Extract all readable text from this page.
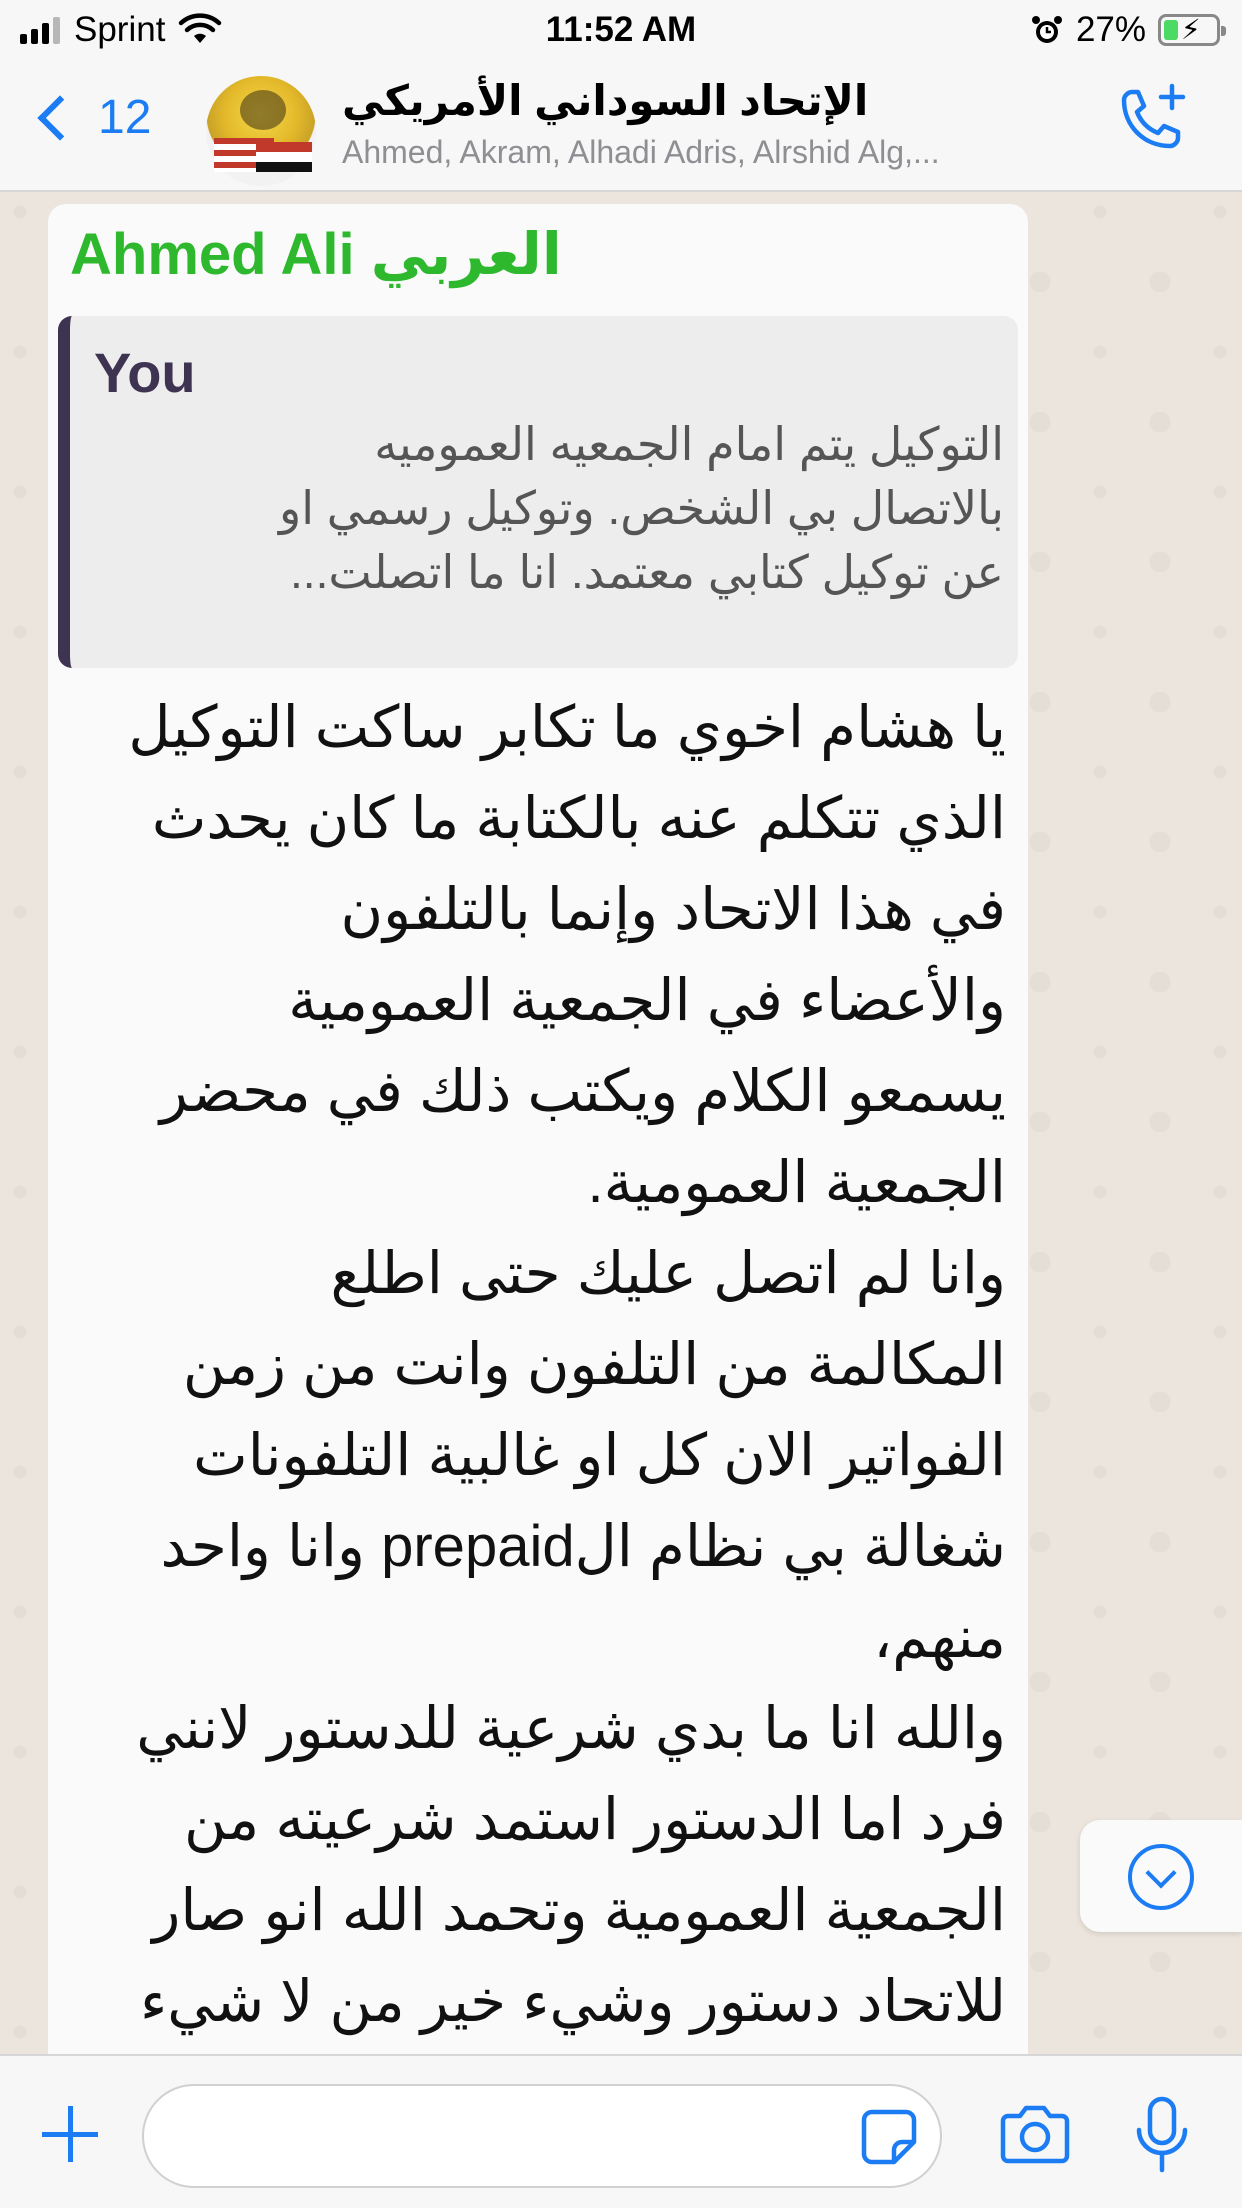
Sprint	11:52 AM	27% ⚡
12	الإتحاد السوداني الأمريكي
Ahmed, Akram, Alhadi Adris, Alrshid Alg,...
Ahmed Ali العربي
You
التوكيل يتم امام الجمعيه العموميه
بالاتصال بي الشخص. وتوكيل رسمي او
عن توكيل كتابي معتمد. انا ما اتصلت...

يا هشام اخوي ما تكابر ساكت التوكيل

الذي تتكلم عنه بالكتابة ما كان يحدث

في هذا الاتحاد وإنما بالتلفون

والأعضاء في الجمعية العمومية

يسمعو الكلام ويكتب ذلك في محضر

الجمعية العمومية.

وانا لم اتصل عليك حتى اطلع

المكالمة من التلفون وانت من زمن

الفواتير الان كل او غالبية التلفونات

شغالة بي نظام الprepaid وانا واحد

منهم،

والله انا ما بدي شرعية للدستور لانني

فرد اما الدستور استمد شرعيته من

الجمعية العمومية وتحمد الله انو صار

للاتحاد دستور وشيء خير من لا شيء
